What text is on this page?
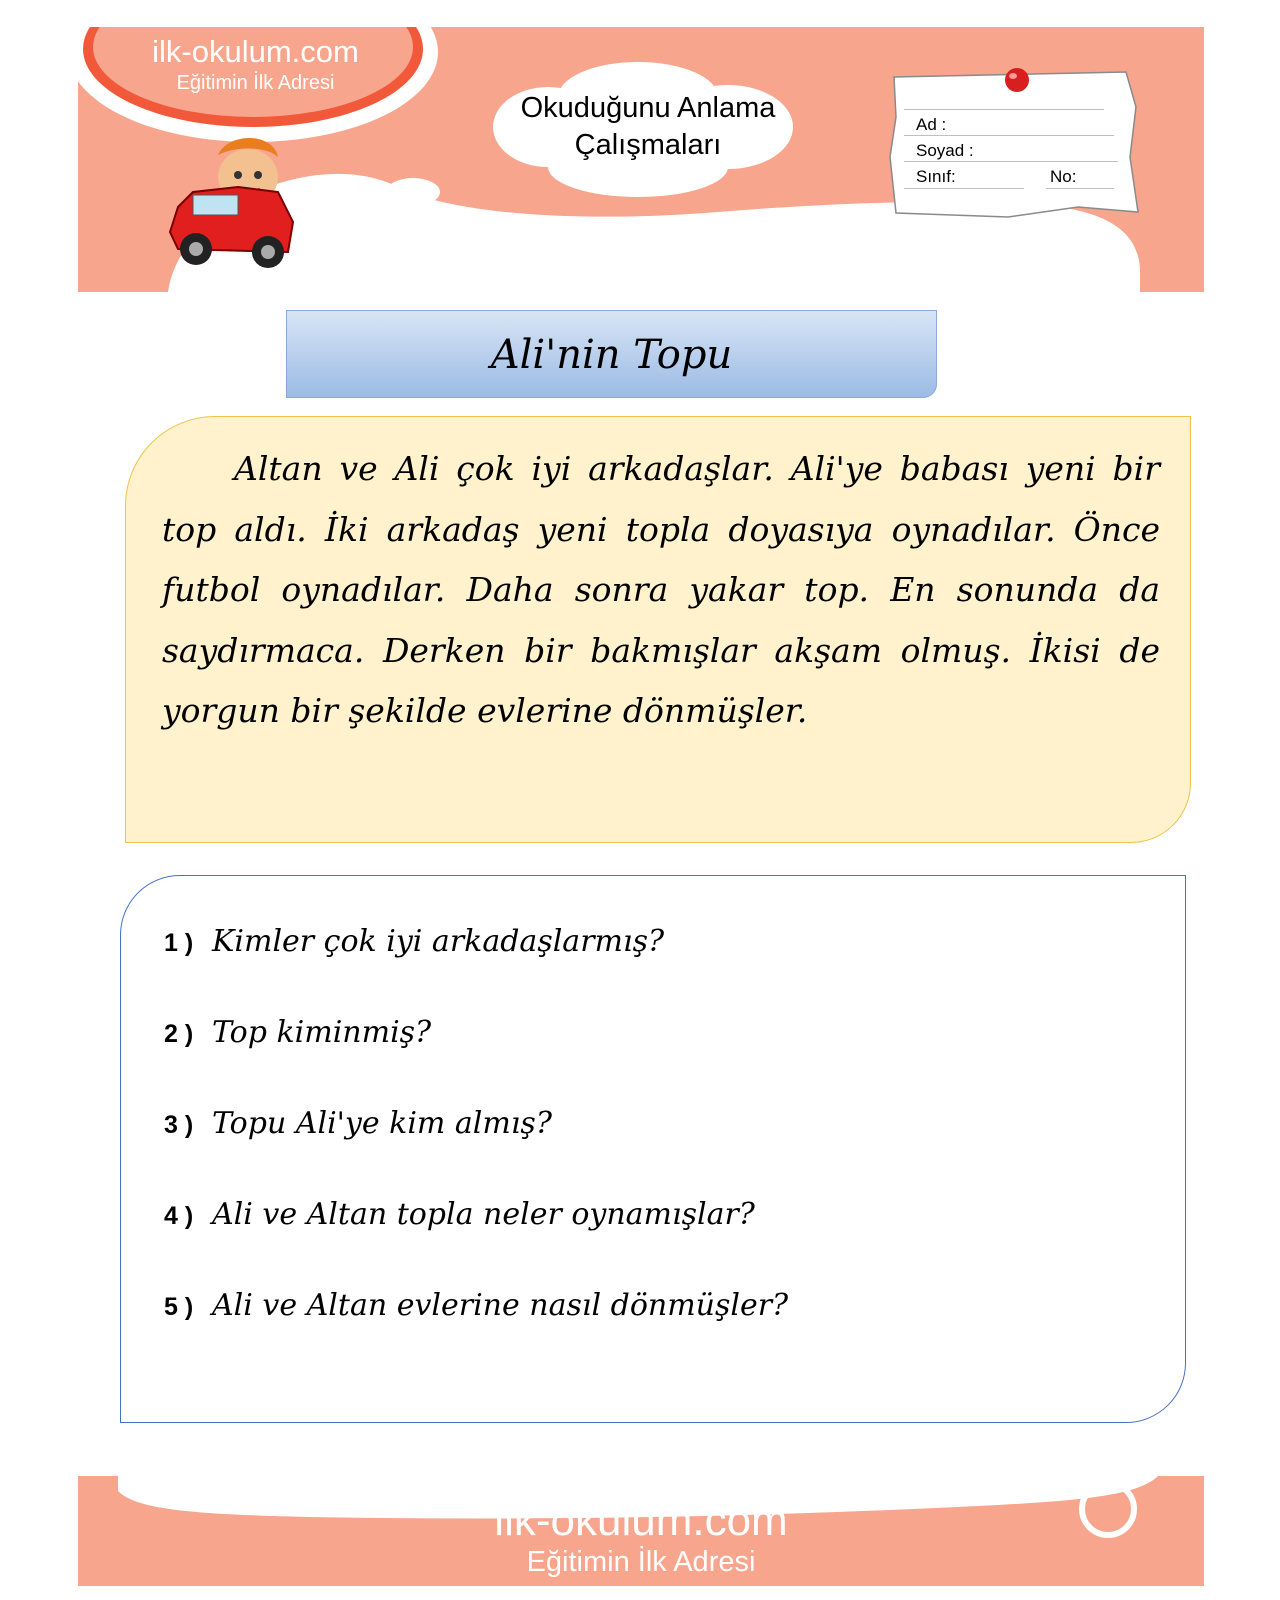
ilk-okulum.com
Eğitimin İlk Adresi
Okuduğunu Anlama
Çalışmaları
Ad :
Soyad :
Sınıf:	No:
Ali'nin Topu
Altan ve Ali çok iyi arkadaşlar. Ali'ye babası yeni bir top aldı. İki arkadaş yeni topla doyasıya oynadılar. Önce futbol oynadılar. Daha sonra yakar top. En sonunda da saydırmaca. Derken bir bakmışlar akşam olmuş. İkisi de yorgun bir şekilde evlerine dönmüşler.
1 ) Kimler çok iyi arkadaşlarmış?
2 ) Top kiminmiş?
3 ) Topu Ali'ye kim almış?
4 ) Ali ve Altan topla neler oynamışlar?
5 ) Ali ve Altan evlerine nasıl dönmüşler?
ilk-okulum.com
Eğitimin İlk Adresi
